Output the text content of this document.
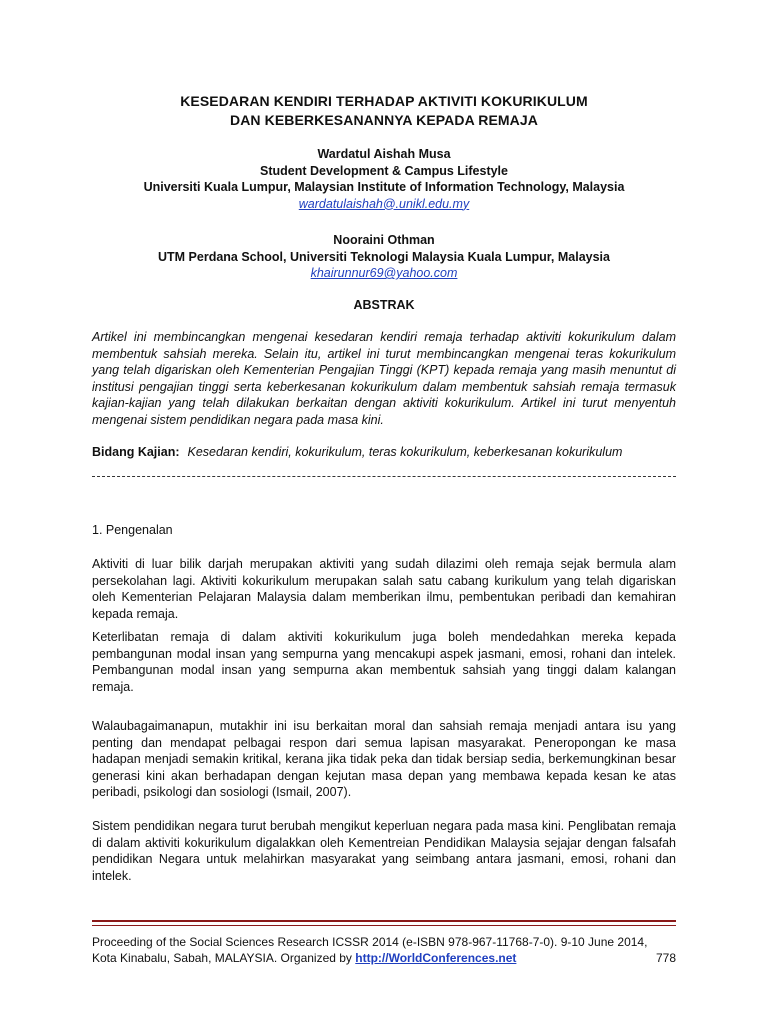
KESEDARAN KENDIRI TERHADAP AKTIVITI KOKURIKULUM
DAN KEBERKESANANNYA KEPADA REMAJA
Wardatul Aishah Musa
Student Development & Campus Lifestyle
Universiti Kuala Lumpur, Malaysian Institute of Information Technology, Malaysia
wardatulaishah@.unikl.edu.my
Nooraini Othman
UTM Perdana School, Universiti Teknologi Malaysia Kuala Lumpur, Malaysia
khairunnur69@yahoo.com
ABSTRAK
Artikel ini membincangkan mengenai kesedaran kendiri remaja terhadap aktiviti kokurikulum dalam membentuk sahsiah mereka. Selain itu, artikel ini turut membincangkan mengenai teras kokurikulum yang telah digariskan oleh Kementerian Pengajian Tinggi (KPT) kepada remaja yang masih menuntut di institusi pengajian tinggi serta keberkesanan kokurikulum dalam membentuk sahsiah remaja termasuk kajian-kajian yang telah dilakukan berkaitan dengan aktiviti kokurikulum. Artikel ini turut menyentuh mengenai sistem pendidikan negara pada masa kini.
Bidang Kajian: Kesedaran kendiri, kokurikulum, teras kokurikulum, keberkesanan kokurikulum
1. Pengenalan
Aktiviti di luar bilik darjah merupakan aktiviti yang sudah dilazimi oleh remaja sejak bermula alam persekolahan lagi. Aktiviti kokurikulum merupakan salah satu cabang kurikulum yang telah digariskan oleh Kementerian Pelajaran Malaysia dalam memberikan ilmu, pembentukan peribadi dan kemahiran kepada remaja.
Keterlibatan remaja di dalam aktiviti kokurikulum juga boleh mendedahkan mereka kepada pembangunan modal insan yang sempurna yang mencakupi aspek jasmani, emosi, rohani dan intelek. Pembangunan modal insan yang sempurna akan membentuk sahsiah yang tinggi dalam kalangan remaja.
Walaubagaimanapun, mutakhir ini isu berkaitan moral dan sahsiah remaja menjadi antara isu yang penting dan mendapat pelbagai respon dari semua lapisan masyarakat. Peneropongan ke masa hadapan menjadi semakin kritikal, kerana jika tidak peka dan tidak bersiap sedia, berkemungkinan besar generasi kini akan berhadapan dengan kejutan masa depan yang membawa kepada kesan ke atas peribadi, psikologi dan sosiologi (Ismail, 2007).
Sistem pendidikan negara turut berubah mengikut keperluan negara pada masa kini. Penglibatan remaja di dalam aktiviti kokurikulum digalakkan oleh Kementreian Pendidikan Malaysia sejajar dengan falsafah pendidikan Negara untuk melahirkan masyarakat yang seimbang antara jasmani, emosi, rohani dan intelek.
Proceeding of the Social Sciences Research ICSSR 2014 (e-ISBN 978-967-11768-7-0). 9-10 June 2014,
Kota Kinabalu, Sabah, MALAYSIA. Organized by http://WorldConferences.net	778
